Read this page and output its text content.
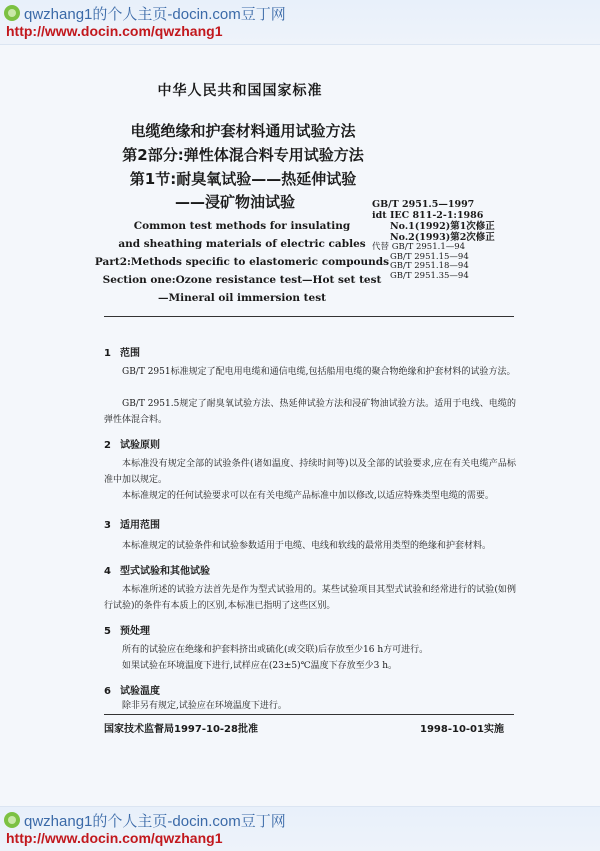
qwzhang1的个人主页-docin.com豆丁网
http://www.docin.com/qwzhang1
中华人民共和国国家标准
电缆绝缘和护套材料通用试验方法
第2部分:弹性体混合料专用试验方法
第1节:耐臭氧试验——热延伸试验
——浸矿物油试验
Common test methods for insulating
and sheathing materials of electric cables
Part2:Methods specific to elastomeric compounds
Section one:Ozone resistance test—Hot set test
—Mineral oil immersion test
GB/T 2951.5—1997
idt IEC 811-2-1:1986
No.1(1992)第1次修正
No.2(1993)第2次修正
代替 GB/T 2951.1—94
GB/T 2951.15—94
GB/T 2951.18—94
GB/T 2951.35—94
1 范围
GB/T 2951标准规定了配电用电缆和通信电缆,包括船用电缆的聚合物绝缘和护套材料的试验方法。
GB/T 2951.5规定了耐臭氧试验方法、热延伸试验方法和浸矿物油试验方法。适用于电线、电缆的弹性体混合料。
2 试验原则
本标准没有规定全部的试验条件(诸如温度、持续时间等)以及全部的试验要求,应在有关电缆产品标准中加以规定。
本标准规定的任何试验要求可以在有关电缆产品标准中加以修改,以适应特殊类型电缆的需要。
3 适用范围
本标准规定的试验条件和试验参数适用于电缆、电线和软线的最常用类型的绝缘和护套材料。
4 型式试验和其他试验
本标准所述的试验方法首先是作为型式试验用的。某些试验项目其型式试验和经常进行的试验(如例行试验)的条件有本质上的区别,本标准已指明了这些区别。
5 预处理
所有的试验应在绝缘和护套料挤出或硫化(或交联)后存放至少16 h方可进行。
如果试验在环境温度下进行,试样应在(23±5)℃温度下存放至少3 h。
6 试验温度
除非另有规定,试验应在环境温度下进行。
国家技术监督局1997-10-28批准	1998-10-01实施
qwzhang1的个人主页-docin.com豆丁网
http://www.docin.com/qwzhang1
